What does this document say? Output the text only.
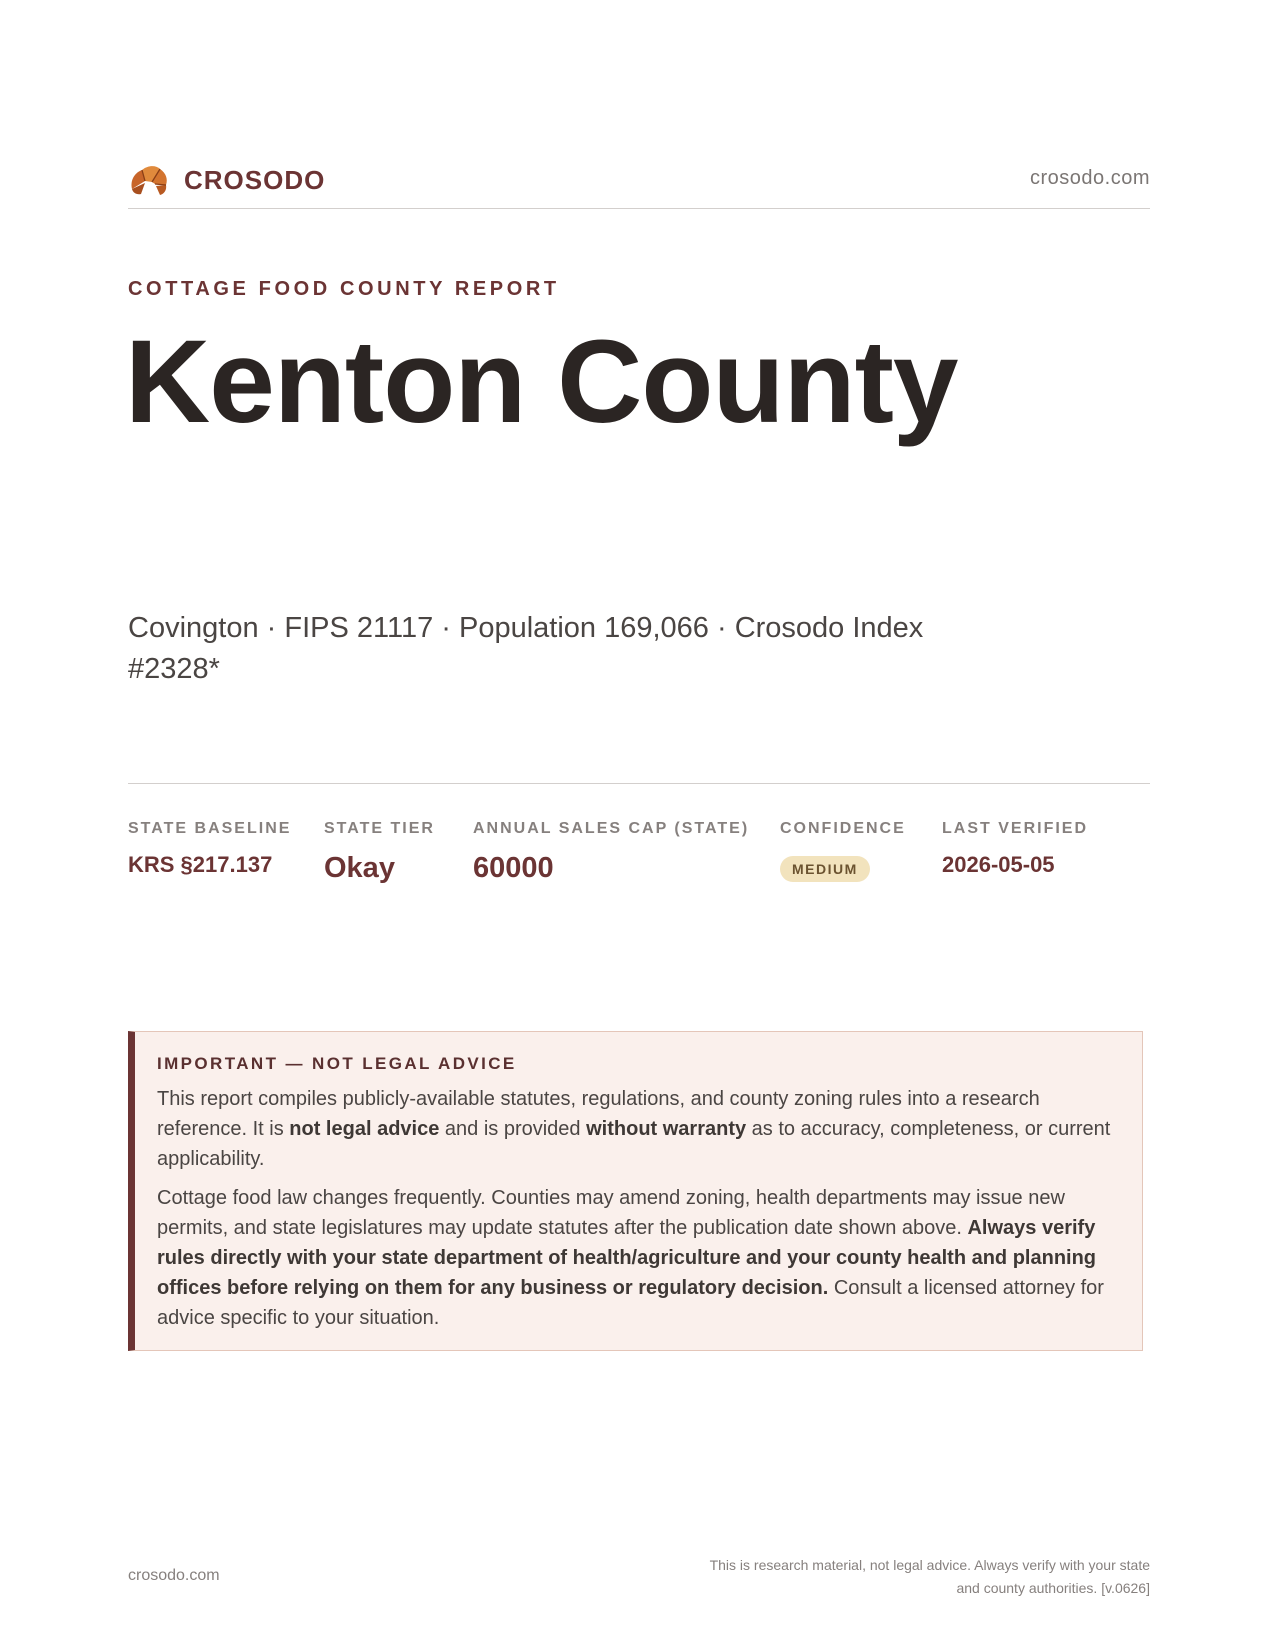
CROSODO	crosodo.com
COTTAGE FOOD COUNTY REPORT
Kenton County
Covington · FIPS 21117 · Population 169,066 · Crosodo Index #2328*
STATE BASELINE
KRS §217.137
STATE TIER
Okay
ANNUAL SALES CAP (STATE)
60000
CONFIDENCE
MEDIUM
LAST VERIFIED
2026-05-05
IMPORTANT — NOT LEGAL ADVICE

This report compiles publicly-available statutes, regulations, and county zoning rules into a research reference. It is not legal advice and is provided without warranty as to accuracy, completeness, or current applicability.

Cottage food law changes frequently. Counties may amend zoning, health departments may issue new permits, and state legislatures may update statutes after the publication date shown above. Always verify rules directly with your state department of health/agriculture and your county health and planning offices before relying on them for any business or regulatory decision. Consult a licensed attorney for advice specific to your situation.

crosodo.com
This is research material, not legal advice. Always verify with your state
and county authorities. [v.0626]
